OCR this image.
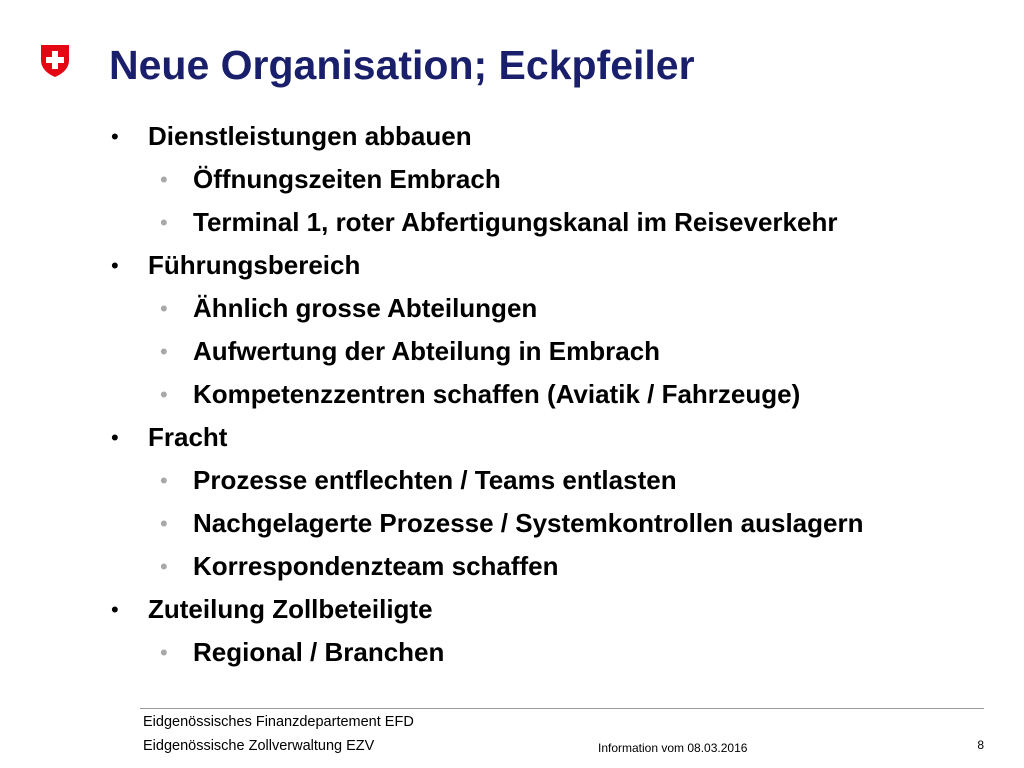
Neue Organisation; Eckpfeiler
• Dienstleistungen abbauen
• Öffnungszeiten Embrach
• Terminal 1, roter Abfertigungskanal im Reiseverkehr
• Führungsbereich
• Ähnlich grosse Abteilungen
• Aufwertung der Abteilung in Embrach
• Kompetenzzentren schaffen (Aviatik / Fahrzeuge)
• Fracht
• Prozesse entflechten / Teams entlasten
• Nachgelagerte Prozesse / Systemkontrollen auslagern
• Korrespondenzteam schaffen
• Zuteilung Zollbeteiligte
• Regional / Branchen
Eidgenössisches Finanzdepartement EFD
Eidgenössische Zollverwaltung EZV	Information vom 08.03.2016	8
